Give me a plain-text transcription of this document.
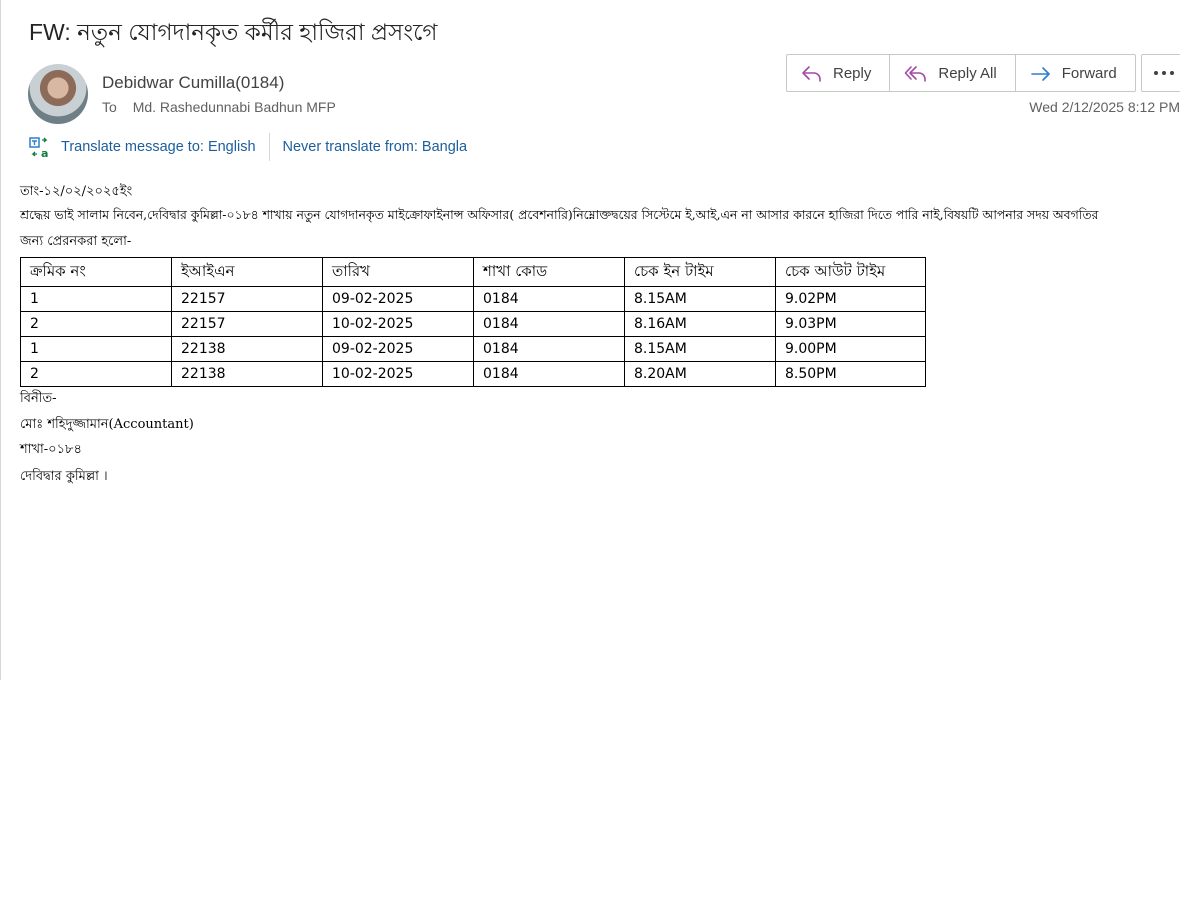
FW: নতুন যোগদানকৃত কর্মীর হাজিরা প্রসংগে
Debidwar Cumilla(0184)
To Md. Rashedunnabi Badhun MFP
Reply	Reply All	Forward
Wed 2/12/2025 8:12 PM
a Translate message to: English Never translate from: Bangla
তাং-১২/০২/২০২৫ইং
শ্রদ্ধেয় ভাই সালাম নিবেন,দেবিদ্বার কুমিল্লা-০১৮৪ শাখায় নতুন যোগদানকৃত মাইক্রোফাইনান্স অফিসার( প্রবেশনারি)নিম্নোক্তদ্বয়ের সিস্টেমে ই,আই,এন না আসার কারনে হাজিরা দিতে পারি নাই,বিষয়টি আপনার সদয় অবগতির
জন্য প্রেরনকরা হলো-
ক্রমিক নং	ইআইএন	তারিখ	শাখা কোড	চেক ইন টাইম	চেক আউট টাইম
1	22157	09-02-2025	0184	8.15AM	9.02PM
2	22157	10-02-2025	0184	8.16AM	9.03PM
1	22138	09-02-2025	0184	8.15AM	9.00PM
2	22138	10-02-2025	0184	8.20AM	8.50PM
বিনীত-
মোঃ শহিদুজ্জামান(Accountant)
শাখা-০১৮৪
দেবিদ্বার কুমিল্লা ।
